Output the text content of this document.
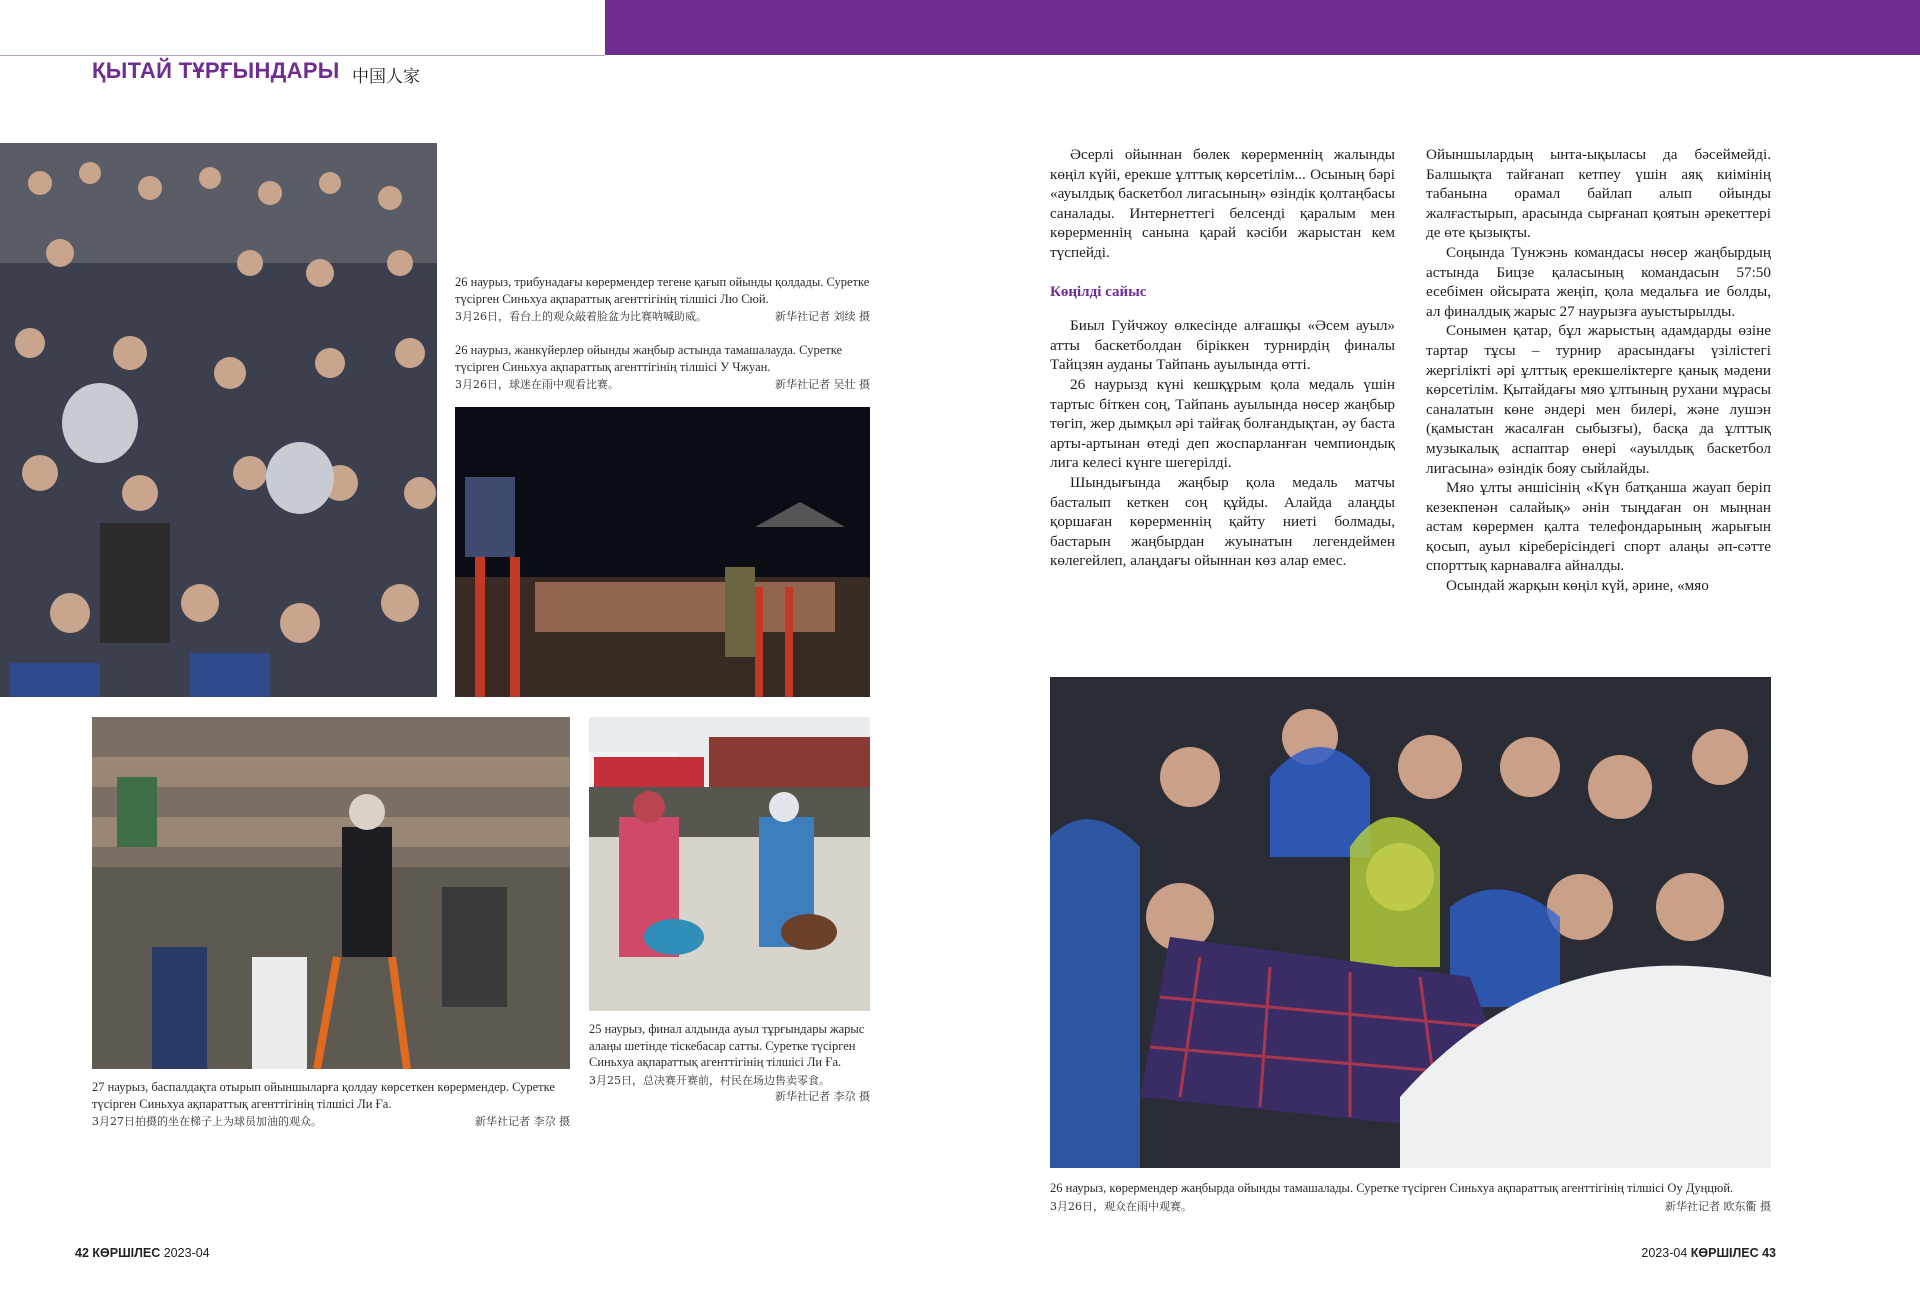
ҚЫТАЙ ТҰРҒЫНДАРЫ 中国人家
26 наурыз, трибунадағы көрермендер тегене қағып ойынды қолдады. Суретке түсірген Синьхуа ақпараттық агенттігінің тілшісі Лю Сюй.
3月26日，看台上的观众敲着脸盆为比赛呐喊助威。	新华社记者 刘续 摄
26 наурыз, жанкүйерлер ойынды жаңбыр астында тамашалауда. Суретке түсірген Синьхуа ақпараттық агенттігінің тілшісі У Чжуан.
3月26日，球迷在雨中观看比赛。	新华社记者 吴壮 摄
27 наурыз, баспалдақта отырып ойыншыларға қолдау көрсеткен көрермендер. Суретке түсірген Синьхуа ақпараттық агенттігінің тілшісі Ли Ға.
3月27日拍摄的坐在梯子上为球员加油的观众。	新华社记者 李尕 摄
25 наурыз, финал алдында ауыл тұрғындары жарыс алаңы шетінде тіскебасар сатты. Суретке түсірген Синьхуа ақпараттық агенттігінің тілшісі Ли Ға.
3月25日，总决赛开赛前，村民在场边售卖零食。
新华社记者 李尕 摄
26 наурыз, көрермендер жаңбырда ойынды тамашалады. Суретке түсірген Синьхуа ақпараттық агенттігінің тілшісі Оу Дуңцюй.
3月26日，观众在雨中观赛。	新华社记者 欧东衢 摄

Әсерлі ойыннан бөлек көрерменнің жалынды көңіл күйі, ерекше ұлттық көрсетілім... Осының бәрі «ауылдық баскетбол лигасының» өзіндік қолтаңбасы саналады. Интернеттегі белсенді қаралым мен көрерменнің санына қарай кәсіби жарыстан кем түспейді.

Көңілді сайыс

Биыл Гуйчжоу өлкесінде алғашқы «Әсем ауыл» атты баскетболдан біріккен турнирдің финалы Тайцзян ауданы Тайпань ауылында өтті.

26 наурызд күні кешқұрым қола медаль үшін тартыс біткен соң, Тайпань ауылында нөсер жаңбыр төгіп, жер дымқыл әрі тайғақ болғандықтан, әу баста арты-артынан өтеді деп жоспарланған чемпиондық лига келесі күнге шегерілді.

Шындығында жаңбыр қола медаль матчы басталып кеткен соң құйды. Алайда алаңды қоршаған көрерменнің қайту ниеті болмады, бастарын жаңбырдан жуынатын легендеймен көлегейлеп, алаңдағы ойыннан көз алар емес.

Ойыншылардың ынта-ықыласы да бәсеймейді. Балшықта тайғанап кетпеу үшін аяқ киімінің табанына орамал байлап алып ойынды жалғастырып, арасында сырғанап қоятын әрекеттері де өте қызықты.

Соңында Тунжэнь командасы нөсер жаңбырдың астында Бицзе қаласының командасын 57:50 есебімен ойсырата жеңіп, қола медальға ие болды, ал финалдық жарыс 27 наурызға ауыстырылды.

Сонымен қатар, бұл жарыстың адамдарды өзіне тартар тұсы – турнир арасындағы үзілістегі жергілікті әрі ұлттық ерекшеліктерге қанық мәдени көрсетілім. Қытайдағы мяо ұлтының рухани мұрасы саналатын көне әндері мен билері, және лушэн (қамыстан жасалған сыбызғы), басқа да ұлттық музыкалық аспаптар өнері «ауылдық баскетбол лигасына» өзіндік бояу сыйлайды.

Мяо ұлты әншісінің «Күн батқанша жауап беріп кезекпенән салайық» әнін тыңдаған он мыңнан астам көрермен қалта телефондарының жарығын қосып, ауыл кіреберісіндегі спорт алаңы әп-сәтте спорттық карнавалға айналды.

Осындай жарқын көңіл күй, әрине, «мяо

42 КӨРШІЛЕС 2023-04	2023-04 КӨРШІЛЕС 43
